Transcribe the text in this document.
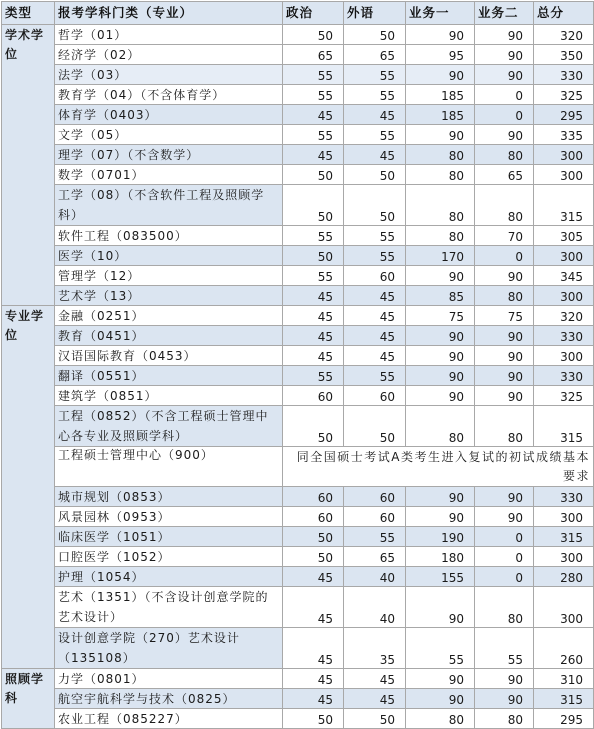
类型	报考学科门类（专业）	政治	外语	业务一	业务二	总分
学术学位	哲学（01）	50	50	90	90	320
	经济学（02）	65	65	95	90	350
	法学（03）	55	55	90	90	330
	教育学（04）（不含体育学）	55	55	185	0	325
	体育学（0403）	45	45	185	0	295
	文学（05）	55	55	90	90	335
	理学（07）（不含数学）	45	45	80	80	300
	数学（0701）	50	50	80	65	300
	工学（08）（不含软件工程及照顾学科）	50	50	80	80	315
	软件工程（083500）	55	55	80	70	305
	医学（10）	50	55	170	0	300
	管理学（12）	55	60	90	90	345
	艺术学（13）	45	45	85	80	300
专业学位	金融（0251）	45	45	75	75	320
	教育（0451）	45	45	90	90	330
	汉语国际教育（0453）	45	45	90	90	300
	翻译（0551）	55	55	90	90	330
	建筑学（0851）	60	60	90	90	325
	工程（0852）（不含工程硕士管理中心各专业及照顾学科）	50	50	80	80	315
	工程硕士管理中心（900）	同全国硕士考试A类考生进入复试的初试成绩基本要求				
	城市规划（0853）	60	60	90	90	330
	风景园林（0953）	60	60	90	90	300
	临床医学（1051）	50	55	190	0	315
	口腔医学（1052）	50	65	180	0	300
	护理（1054）	45	40	155	0	280
	艺术（1351）（不含设计创意学院的艺术设计）	45	40	90	80	300
	设计创意学院（270）艺术设计（135108）	45	35	55	55	260
照顾学科	力学（0801）	45	45	90	90	310
	航空宇航科学与技术（0825）	45	45	90	90	315
	农业工程（085227）	50	50	80	80	295
